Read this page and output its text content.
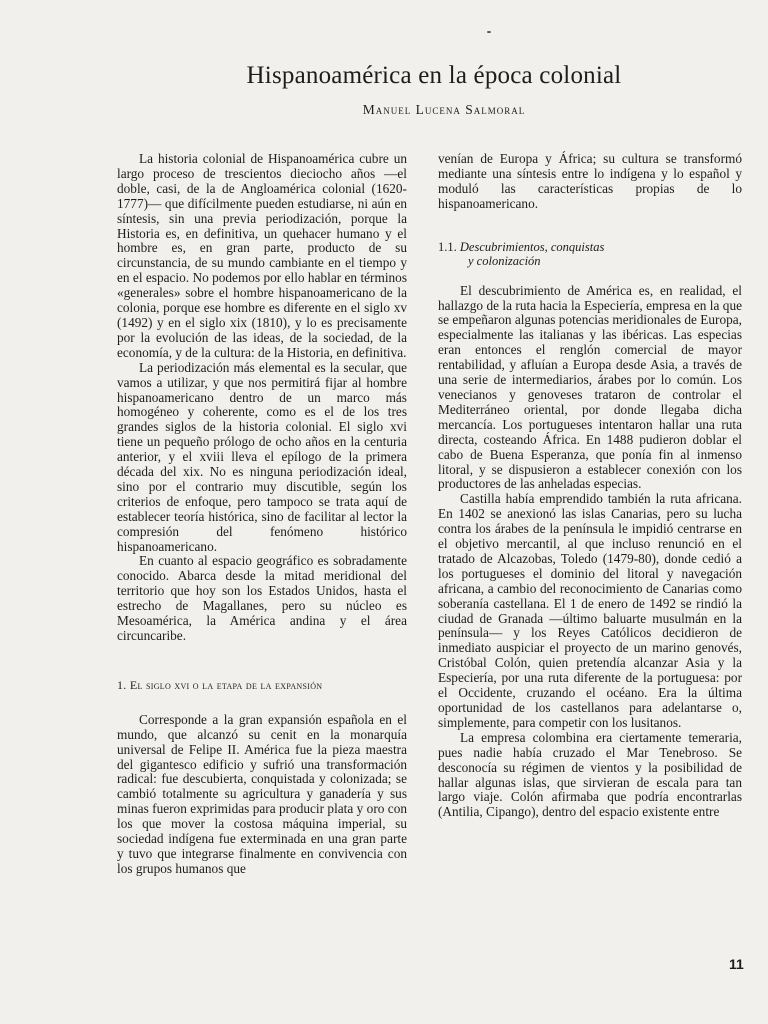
Hispanoamérica en la época colonial
Manuel Lucena Salmoral

La historia colonial de Hispanoamérica cubre un largo proceso de trescientos dieciocho años —el doble, casi, de la de Angloamérica colonial (1620-1777)— que difícilmente pueden estudiarse, ni aún en síntesis, sin una previa periodización, porque la Historia es, en definitiva, un quehacer humano y el hombre es, en gran parte, producto de su circunstancia, de su mundo cambiante en el tiempo y en el espacio. No podemos por ello hablar en términos «generales» sobre el hombre hispanoamericano de la colonia, porque ese hombre es diferente en el siglo xv (1492) y en el siglo xix (1810), y lo es precisamente por la evolución de las ideas, de la sociedad, de la economía, y de la cultura: de la Historia, en definitiva.

La periodización más elemental es la secular, que vamos a utilizar, y que nos permitirá fijar al hombre hispanoamericano dentro de un marco más homogéneo y coherente, como es el de los tres grandes siglos de la historia colonial. El siglo xvi tiene un pequeño prólogo de ocho años en la centuria anterior, y el xviii lleva el epílogo de la primera década del xix. No es ninguna periodización ideal, sino por el contrario muy discutible, según los criterios de enfoque, pero tampoco se trata aquí de establecer teoría histórica, sino de facilitar al lector la compresión del fenómeno histórico hispanoamericano.

En cuanto al espacio geográfico es sobradamente conocido. Abarca desde la mitad meridional del territorio que hoy son los Estados Unidos, hasta el estrecho de Magallanes, pero su núcleo es Mesoamérica, la América andina y el área circuncaribe.

1. El siglo xvi o la etapa de la expansión

Corresponde a la gran expansión española en el mundo, que alcanzó su cenit en la monarquía universal de Felipe II. América fue la pieza maestra del gigantesco edificio y sufrió una transformación radical: fue descubierta, conquistada y colonizada; se cambió totalmente su agricultura y ganadería y sus minas fueron exprimidas para producir plata y oro con los que mover la costosa máquina imperial, su sociedad indígena fue exterminada en una gran parte y tuvo que integrarse finalmente en convivencia con los grupos humanos que

venían de Europa y África; su cultura se transformó mediante una síntesis entre lo indígena y lo español y moduló las características propias de lo hispanoamericano.

1.1. Descubrimientos, conquistas
y colonización

El descubrimiento de América es, en realidad, el hallazgo de la ruta hacia la Especiería, empresa en la que se empeñaron algunas potencias meridionales de Europa, especialmente las italianas y las ibéricas. Las especias eran entonces el renglón comercial de mayor rentabilidad, y afluían a Europa desde Asia, a través de una serie de intermediarios, árabes por lo común. Los venecianos y genoveses trataron de controlar el Mediterráneo oriental, por donde llegaba dicha mercancía. Los portugueses intentaron hallar una ruta directa, costeando África. En 1488 pudieron doblar el cabo de Buena Esperanza, que ponía fin al inmenso litoral, y se dispusieron a establecer conexión con los productores de las anheladas especias.

Castilla había emprendido también la ruta africana. En 1402 se anexionó las islas Canarias, pero su lucha contra los árabes de la península le impidió centrarse en el objetivo mercantil, al que incluso renunció en el tratado de Alcazobas, Toledo (1479-80), donde cedió a los portugueses el dominio del litoral y navegación africana, a cambio del reconocimiento de Canarias como soberanía castellana. El 1 de enero de 1492 se rindió la ciudad de Granada —último baluarte musulmán en la península— y los Reyes Católicos decidieron de inmediato auspiciar el proyecto de un marino genovés, Cristóbal Colón, quien pretendía alcanzar Asia y la Especiería, por una ruta diferente de la portuguesa: por el Occidente, cruzando el océano. Era la última oportunidad de los castellanos para adelantarse o, simplemente, para competir con los lusitanos.

La empresa colombina era ciertamente temeraria, pues nadie había cruzado el Mar Tenebroso. Se desconocía su régimen de vientos y la posibilidad de hallar algunas islas, que sirvieran de escala para tan largo viaje. Colón afirmaba que podría encontrarlas (Antilia, Cipango), dentro del espacio existente entre

11
